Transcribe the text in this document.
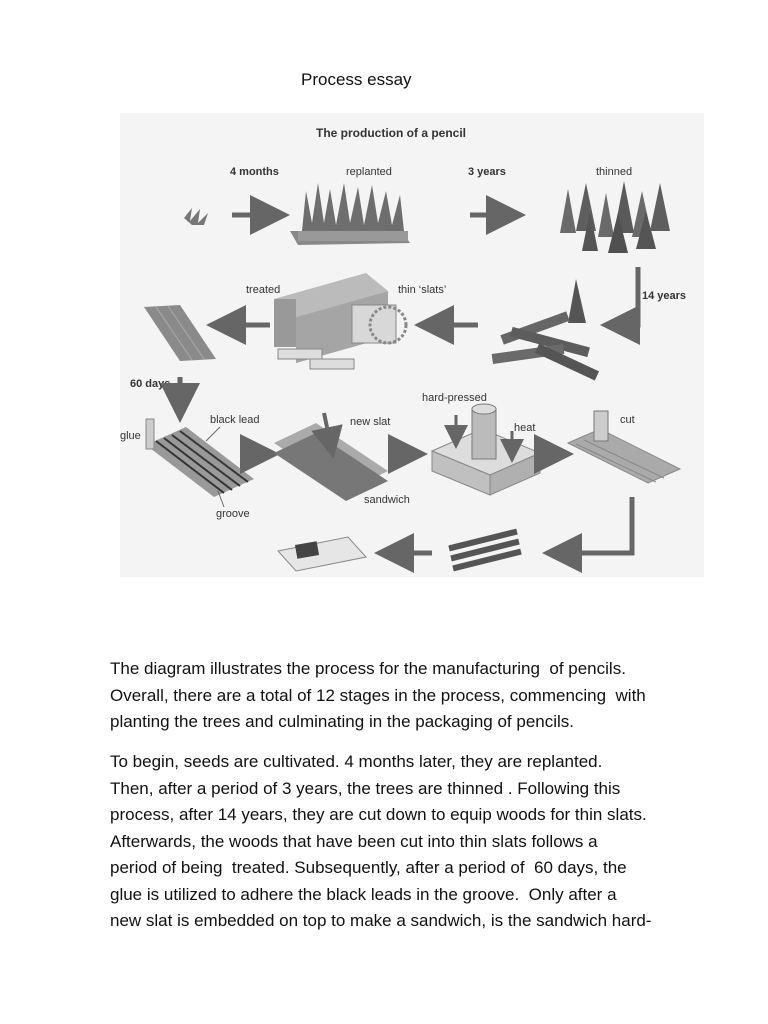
Process essay
The production of a pencil
4 months	replanted	3 years	thinned
14 years
treated	thin ‘slats’
60 days
black lead
glue
groove
new slat
sandwich
hard-pressed
heat
cut
The diagram illustrates the process for the manufacturing  of pencils.
Overall, there are a total of 12 stages in the process, commencing  with
planting the trees and culminating in the packaging of pencils.
To begin, seeds are cultivated. 4 months later, they are replanted.
Then, after a period of 3 years, the trees are thinned . Following this
process, after 14 years, they are cut down to equip woods for thin slats.
Afterwards, the woods that have been cut into thin slats follows a
period of being  treated. Subsequently, after a period of  60 days, the
glue is utilized to adhere the black leads in the groove.  Only after a
new slat is embedded on top to make a sandwich, is the sandwich hard-
